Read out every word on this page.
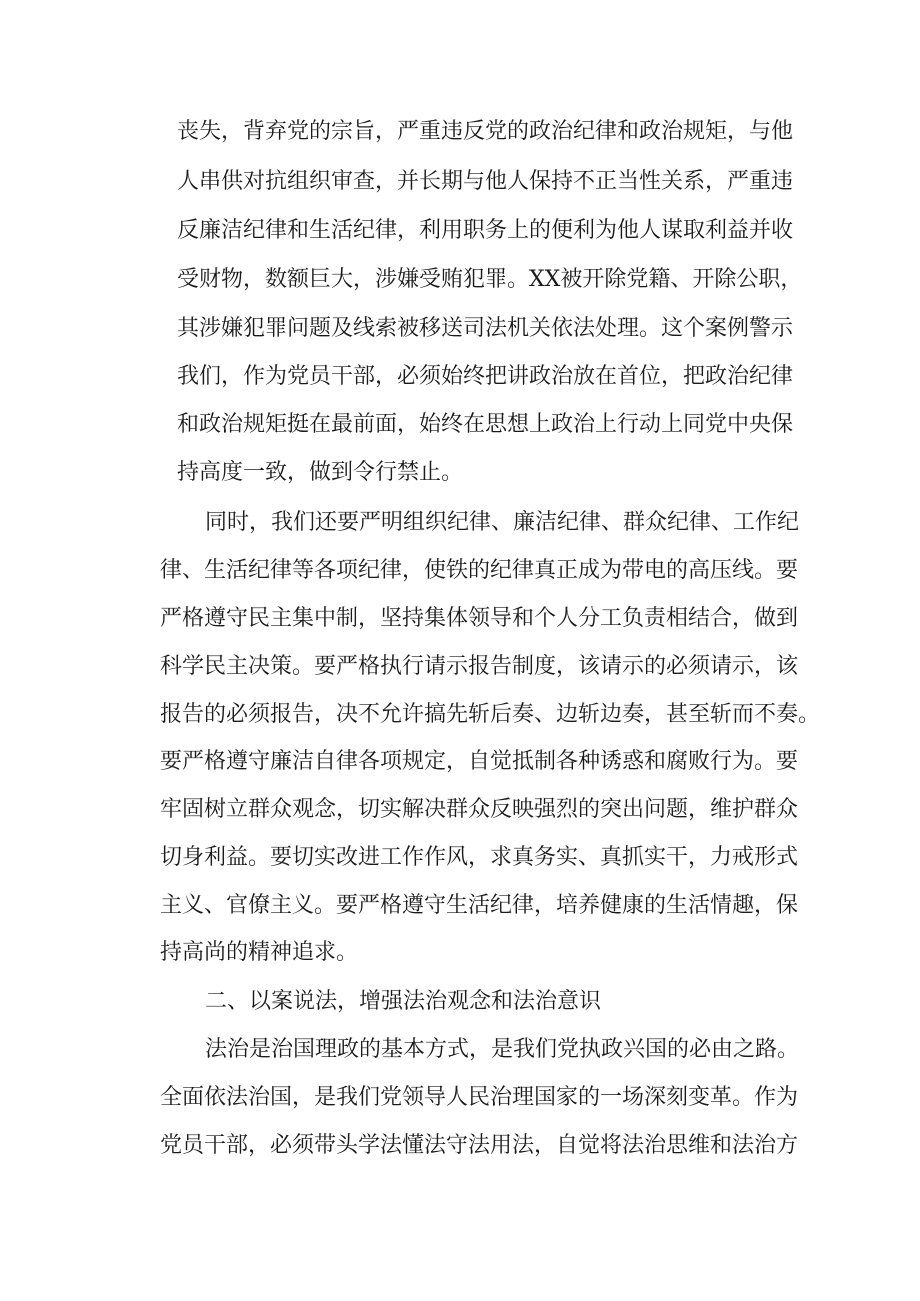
丧失，背弃党的宗旨，严重违反党的政治纪律和政治规矩，与他
人串供对抗组织审查，并长期与他人保持不正当性关系，严重违
反廉洁纪律和生活纪律，利用职务上的便利为他人谋取利益并收
受财物，数额巨大，涉嫌受贿犯罪。XX被开除党籍、开除公职，
其涉嫌犯罪问题及线索被移送司法机关依法处理。这个案例警示
我们，作为党员干部，必须始终把讲政治放在首位，把政治纪律
和政治规矩挺在最前面，始终在思想上政治上行动上同党中央保
持高度一致，做到令行禁止。
同时，我们还要严明组织纪律、廉洁纪律、群众纪律、工作纪
律、生活纪律等各项纪律，使铁的纪律真正成为带电的高压线。要
严格遵守民主集中制，坚持集体领导和个人分工负责相结合，做到
科学民主决策。要严格执行请示报告制度，该请示的必须请示，该
报告的必须报告，决不允许搞先斩后奏、边斩边奏，甚至斩而不奏。
要严格遵守廉洁自律各项规定，自觉抵制各种诱惑和腐败行为。要
牢固树立群众观念，切实解决群众反映强烈的突出问题，维护群众
切身利益。要切实改进工作作风，求真务实、真抓实干，力戒形式
主义、官僚主义。要严格遵守生活纪律，培养健康的生活情趣，保
持高尚的精神追求。
二、以案说法，增强法治观念和法治意识
法治是治国理政的基本方式，是我们党执政兴国的必由之路。
全面依法治国，是我们党领导人民治理国家的一场深刻变革。作为
党员干部，必须带头学法懂法守法用法，自觉将法治思维和法治方
